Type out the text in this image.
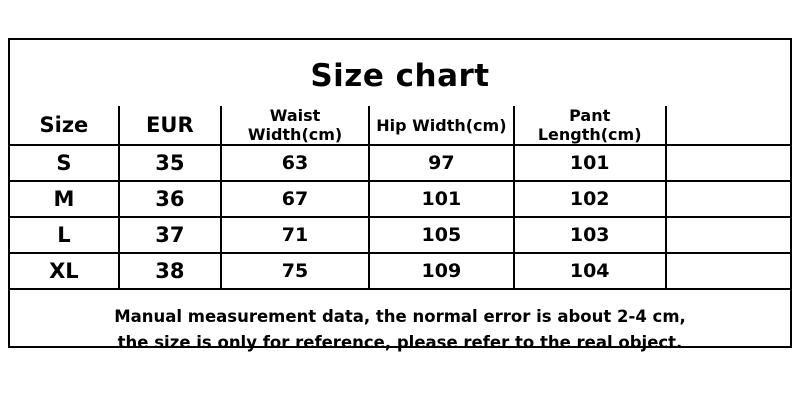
Size chart
Size	EUR	Waist Width(cm)	Hip Width(cm)	Pant Length(cm)	
S	35	63	97	101	
M	36	67	101	102	
L	37	71	105	103	
XL	38	75	109	104	
Manual measurement data, the normal error is about 2-4 cm,
the size is only for reference, please refer to the real object.
